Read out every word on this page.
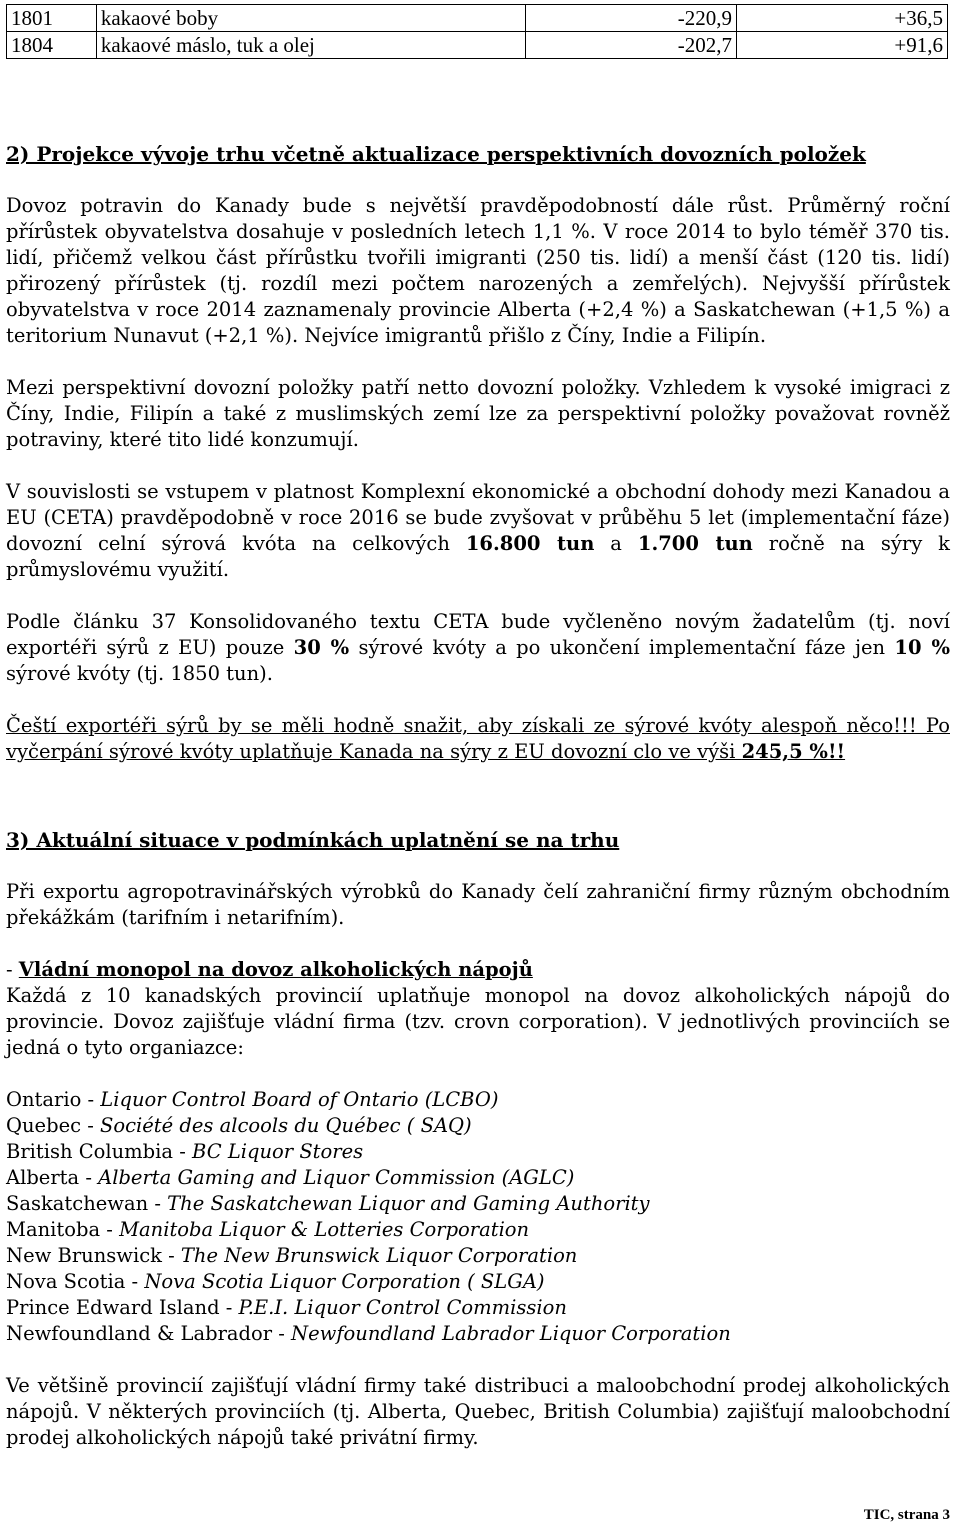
1801	kakaové boby	-220,9	+36,5
1804	kakaové máslo, tuk a olej	-202,7	+91,6
2) Projekce vývoje trhu včetně aktualizace perspektivních dovozních položek

Dovoz potravin do Kanady bude s největší pravděpodobností dále růst. Průměrný roční přírůstek obyvatelstva dosahuje v posledních letech 1,1 %. V roce 2014 to bylo téměř 370 tis. lidí, přičemž velkou část přírůstku tvořili imigranti (250 tis. lidí) a menší část (120 tis. lidí) přirozený přírůstek (tj. rozdíl mezi počtem narozených a zemřelých). Nejvyšší přírůstek obyvatelstva v roce 2014 zaznamenaly provincie Alberta (+2,4 %) a Saskatchewan (+1,5 %) a teritorium Nunavut (+2,1 %). Nejvíce imigrantů přišlo z Číny, Indie a Filipín.

Mezi perspektivní dovozní položky patří netto dovozní položky. Vzhledem k vysoké imigraci z Číny, Indie, Filipín a také z muslimských zemí lze za perspektivní položky považovat rovněž potraviny, které tito lidé konzumují.

V souvislosti se vstupem v platnost Komplexní ekonomické a obchodní dohody mezi Kanadou a EU (CETA) pravděpodobně v roce 2016 se bude zvyšovat v průběhu 5 let (implementační fáze) dovozní celní sýrová kvóta na celkových 16.800 tun a 1.700 tun ročně na sýry k průmyslovému využití.

Podle článku 37 Konsolidovaného textu CETA bude vyčleněno novým žadatelům (tj. noví exportéři sýrů z EU) pouze 30 % sýrové kvóty a po ukončení implementační fáze jen 10 % sýrové kvóty (tj. 1850 tun).

Čeští exportéři sýrů by se měli hodně snažit, aby získali ze sýrové kvóty alespoň něco!!! Po vyčerpání sýrové kvóty uplatňuje Kanada na sýry z EU dovozní clo ve výši 245,5 %!!

3) Aktuální situace v podmínkách uplatnění se na trhu

Při exportu agropotravinářských výrobků do Kanady čelí zahraniční firmy různým obchodním překážkám (tarifním i netarifním).

- Vládní monopol na dovoz alkoholických nápojů

Každá z 10 kanadských provincií uplatňuje monopol na dovoz alkoholických nápojů do provincie. Dovoz zajišťuje vládní firma (tzv. crovn corporation). V jednotlivých provinciích se jedná o tyto organiazce:

Ontario - Liquor Control Board of Ontario (LCBO)
Quebec - Société des alcools du Québec ( SAQ)
British Columbia - BC Liquor Stores
Alberta - Alberta Gaming and Liquor Commission (AGLC)
Saskatchewan - The Saskatchewan Liquor and Gaming Authority
Manitoba - Manitoba Liquor & Lotteries Corporation
New Brunswick - The New Brunswick Liquor Corporation
Nova Scotia - Nova Scotia Liquor Corporation ( SLGA)
Prince Edward Island - P.E.I. Liquor Control Commission
Newfoundland & Labrador - Newfoundland Labrador Liquor Corporation

Ve většině provincií zajišťují vládní firmy také distribuci a maloobchodní prodej alkoholických nápojů. V některých provinciích (tj. Alberta, Quebec, British Columbia) zajišťují maloobchodní prodej alkoholických nápojů také privátní firmy.

TIC, strana 3
